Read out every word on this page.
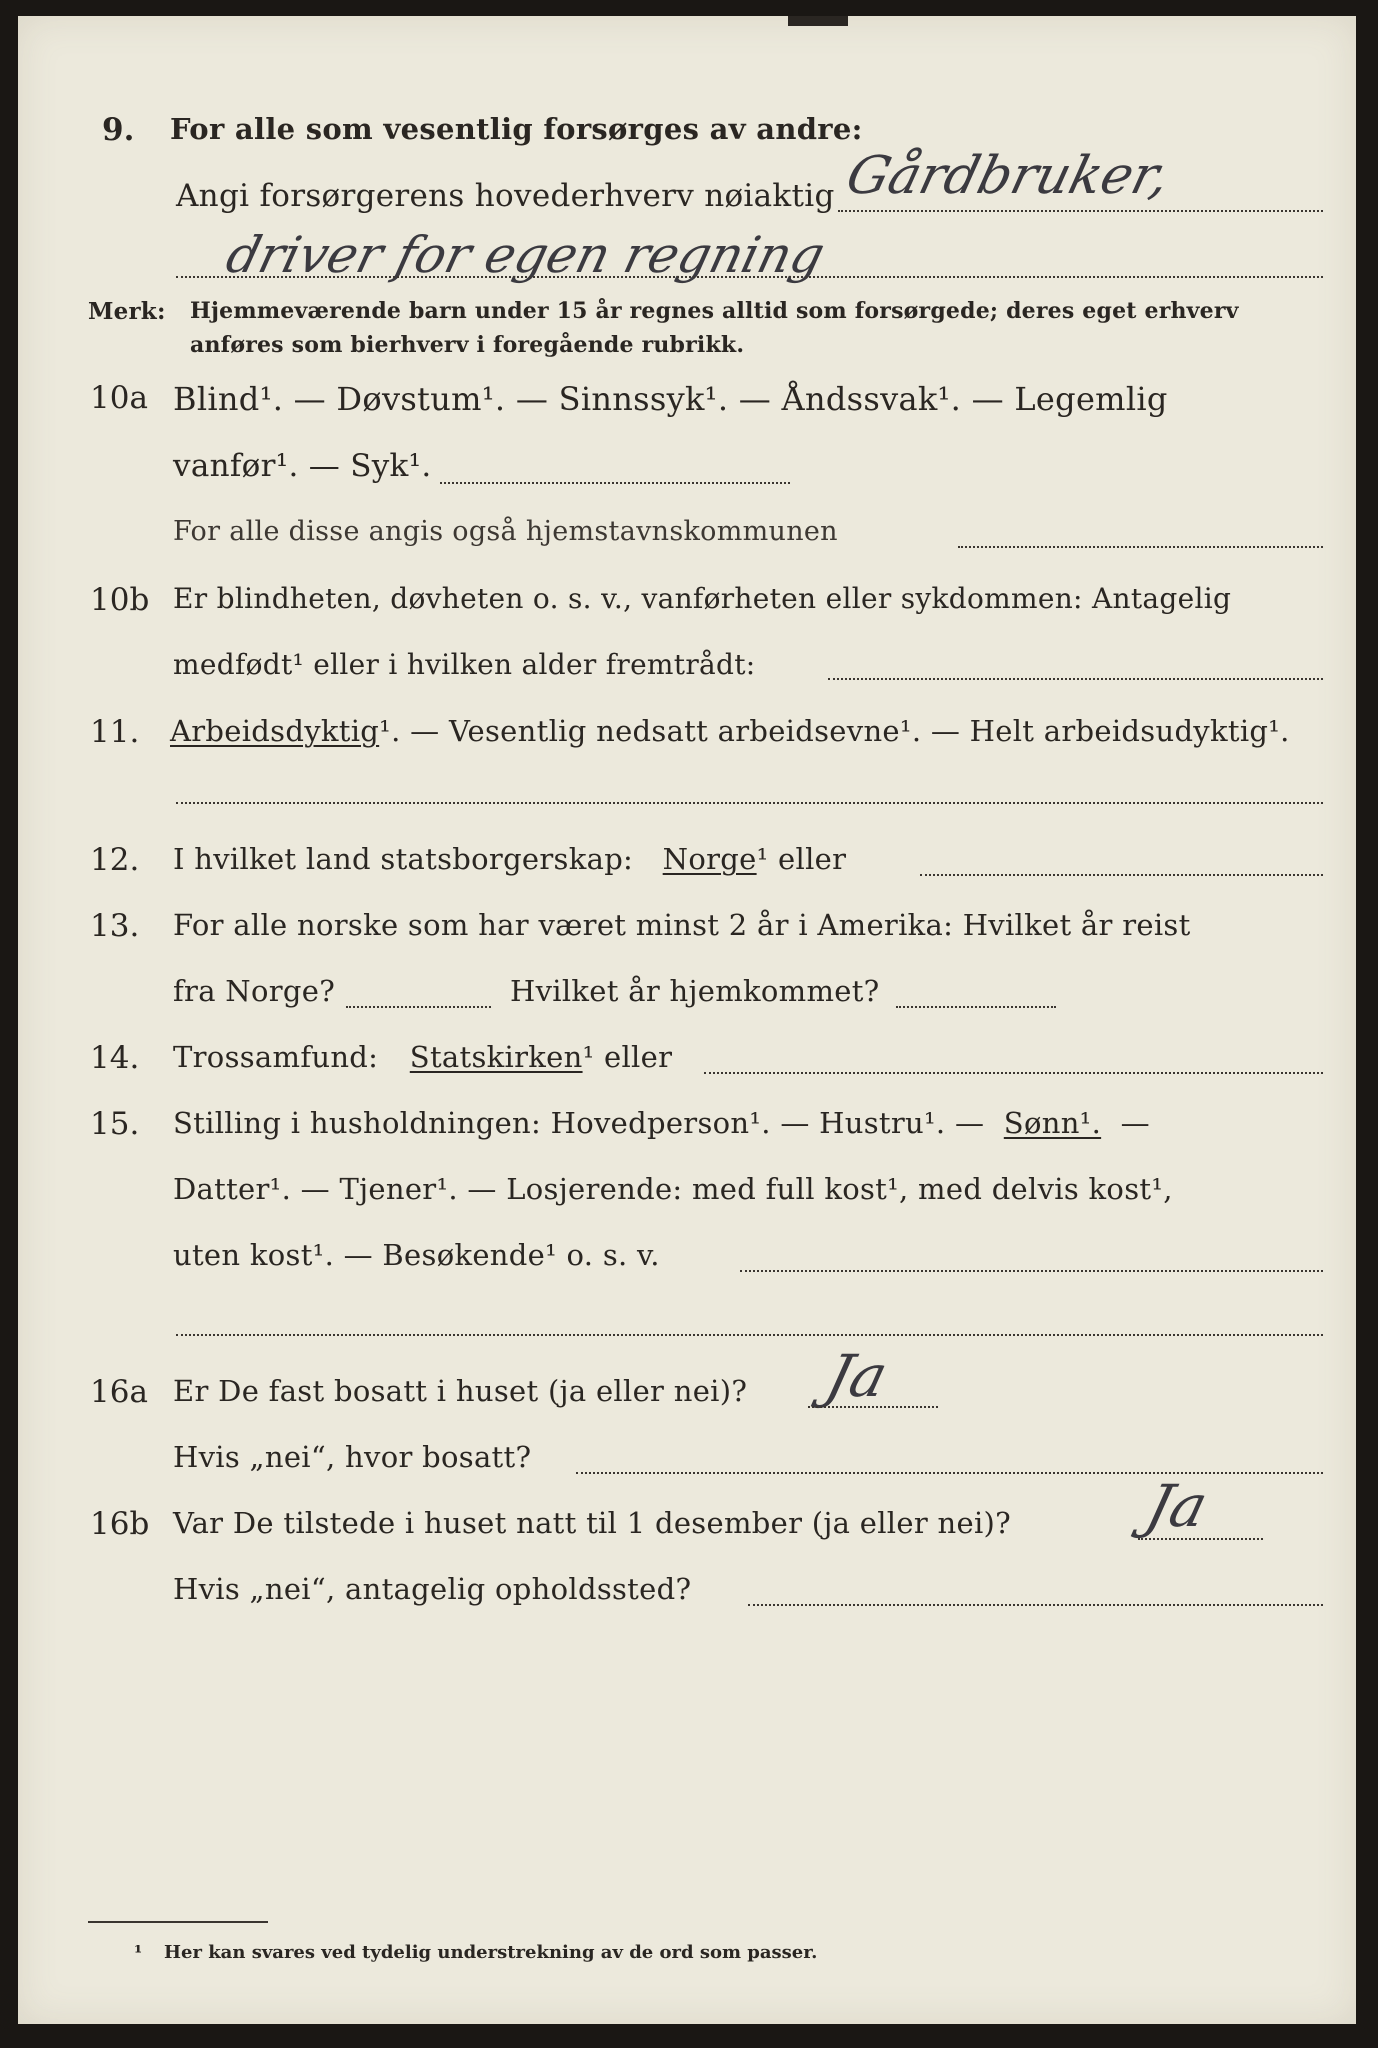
9. For alle som vesentlig forsørges av andre:
Angi forsørgerens hovederhverv nøiaktig Gårdbruker,
driver for egen regning
Merk: Hjemmeværende barn under 15 år regnes alltid som forsørgede; deres eget erhverv
anføres som bierhverv i foregående rubrikk.
10a Blind¹. — Døvstum¹. — Sinnssyk¹. — Åndssvak¹. — Legemlig
vanfør¹. — Syk¹.
For alle disse angis også hjemstavnskommunen
10b Er blindheten, døvheten o. s. v., vanførheten eller sykdommen: Antagelig
medfødt¹ eller i hvilken alder fremtrådt:
11. Arbeidsdyktig¹. — Vesentlig nedsatt arbeidsevne¹. — Helt arbeidsudyktig¹.
12. I hvilket land statsborgerskap: Norge¹ eller
13. For alle norske som har været minst 2 år i Amerika: Hvilket år reist
fra Norge?	Hvilket år hjemkommet?
14. Trossamfund: Statskirken¹ eller
15. Stilling i husholdningen: Hovedperson¹. — Hustru¹. — Sønn¹. —
Datter¹. — Tjener¹. — Losjerende: med full kost¹, med delvis kost¹,
uten kost¹. — Besøkende¹ o. s. v.
16a Er De fast bosatt i huset (ja eller nei)? Ja
Hvis „nei“, hvor bosatt?
16b Var De tilstede i huset natt til 1 desember (ja eller nei)? Ja
Hvis „nei“, antagelig opholdssted?
¹ Her kan svares ved tydelig understrekning av de ord som passer.
